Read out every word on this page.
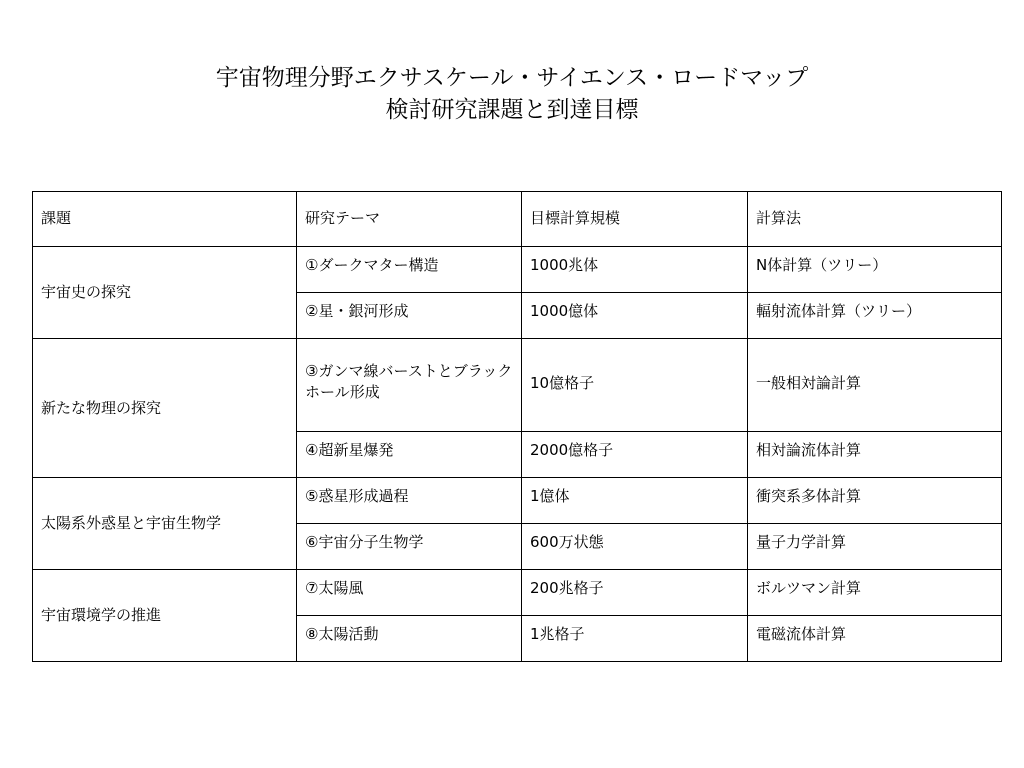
宇宙物理分野エクサスケール・サイエンス・ロードマップ
検討研究課題と到達目標
課題	研究テーマ	目標計算規模	計算法
宇宙史の探究	①ダークマター構造	1000兆体	N体計算（ツリー）
	②星・銀河形成	1000億体	輻射流体計算（ツリー）
新たな物理の探究	③ガンマ線バーストとブラックホール形成	10億格子	一般相対論計算
	④超新星爆発	2000億格子	相対論流体計算
太陽系外惑星と宇宙生物学	⑤惑星形成過程	1億体	衝突系多体計算
	⑥宇宙分子生物学	600万状態	量子力学計算
宇宙環境学の推進	⑦太陽風	200兆格子	ボルツマン計算
	⑧太陽活動	1兆格子	電磁流体計算
